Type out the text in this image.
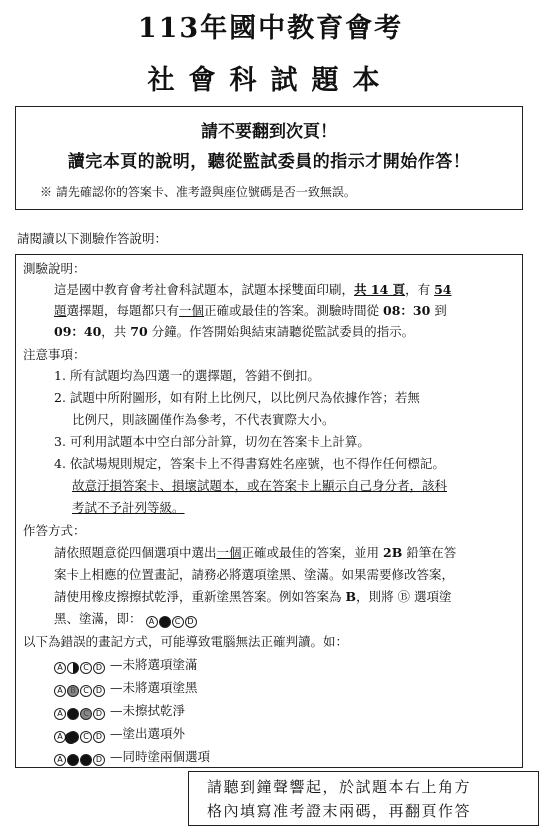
113年國中教育會考
社會科試題本
請不要翻到次頁！
讀完本頁的說明，聽從監試委員的指示才開始作答！
※ 請先確認你的答案卡、准考證與座位號碼是否一致無誤。
請閱讀以下測驗作答說明：
測驗說明：
這是國中教育會考社會科試題本，試題本採雙面印刷，共 14 頁，有 54
題選擇題，每題都只有一個正確或最佳的答案。測驗時間從 08：30 到
09：40，共 70 分鐘。作答開始與結束請聽從監試委員的指示。
注意事項：
1. 所有試題均為四選一的選擇題，答錯不倒扣。
2. 試題中所附圖形，如有附上比例尺，以比例尺為依據作答；若無
比例尺，則該圖僅作為參考，不代表實際大小。
3. 可利用試題本中空白部分計算，切勿在答案卡上計算。
4. 依試場規則規定，答案卡上不得書寫姓名座號，也不得作任何標記。
故意汙損答案卡、損壞試題本，或在答案卡上顯示自己身分者，該科
考試不予計列等級。
作答方式：
請依照題意從四個選項中選出一個正確或最佳的答案，並用 2B 鉛筆在答
案卡上相應的位置畫記，請務必將選項塗黑、塗滿。如果需要修改答案，
請使用橡皮擦擦拭乾淨，重新塗黑答案。例如答案為 B，則將 Ⓑ 選項塗
黑、塗滿，即： A B C D
以下為錯誤的畫記方式，可能導致電腦無法正確判讀。如：
A	C D —未將選項塗滿
A B C D —未將選項塗黑
A B C D —未擦拭乾淨
A B C D —塗出選項外
A B C D —同時塗兩個選項
請聽到鐘聲響起，於試題本右上角方
格內填寫准考證末兩碼，再翻頁作答
